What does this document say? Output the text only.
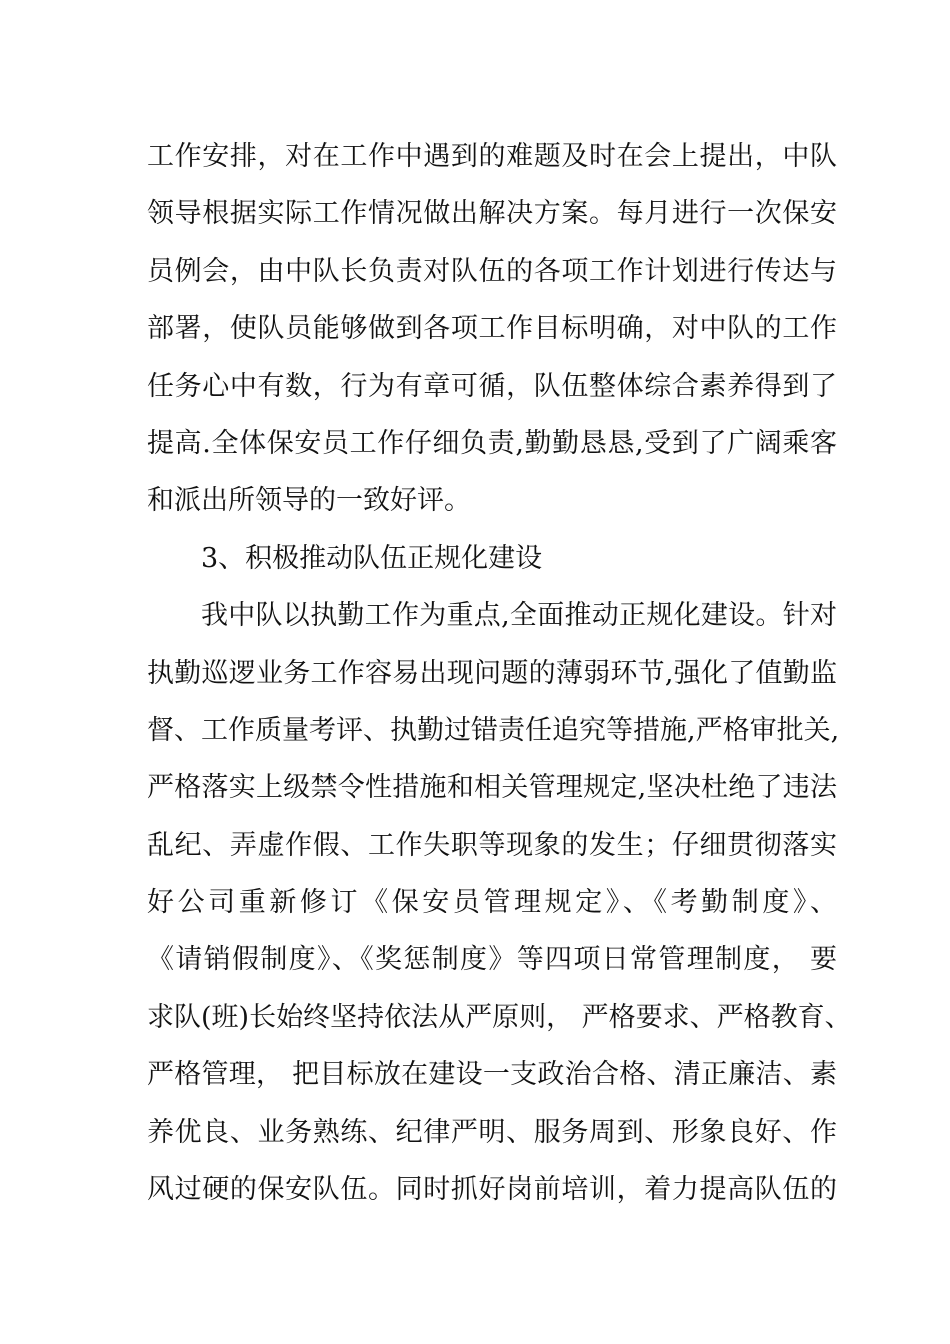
工作安排，对在工作中遇到的难题及时在会上提出，中队
领导根据实际工作情况做出解决方案。每月进行一次保安
员例会，由中队长负责对队伍的各项工作计划进行传达与
部署，使队员能够做到各项工作目标明确，对中队的工作
任务心中有数，行为有章可循，队伍整体综合素养得到了
提高.全体保安员工作仔细负责,勤勤恳恳,受到了广阔乘客
和派出所领导的一致好评。
3、积极推动队伍正规化建设
我中队以执勤工作为重点,全面推动正规化建设。针对
执勤巡逻业务工作容易出现问题的薄弱环节,强化了值勤监
督、工作质量考评、执勤过错责任追究等措施,严格审批关,
严格落实上级禁令性措施和相关管理规定,坚决杜绝了违法
乱纪、弄虚作假、工作失职等现象的发生；仔细贯彻落实
好公司重新修订《保安员管理规定》、《考勤制度》、
《请销假制度》、《奖惩制度》等四项日常管理制度， 要
求队(班)长始终坚持依法从严原则， 严格要求、严格教育、
严格管理， 把目标放在建设一支政治合格、清正廉洁、素
养优良、业务熟练、纪律严明、服务周到、形象良好、作
风过硬的保安队伍。同时抓好岗前培训，着力提高队伍的
